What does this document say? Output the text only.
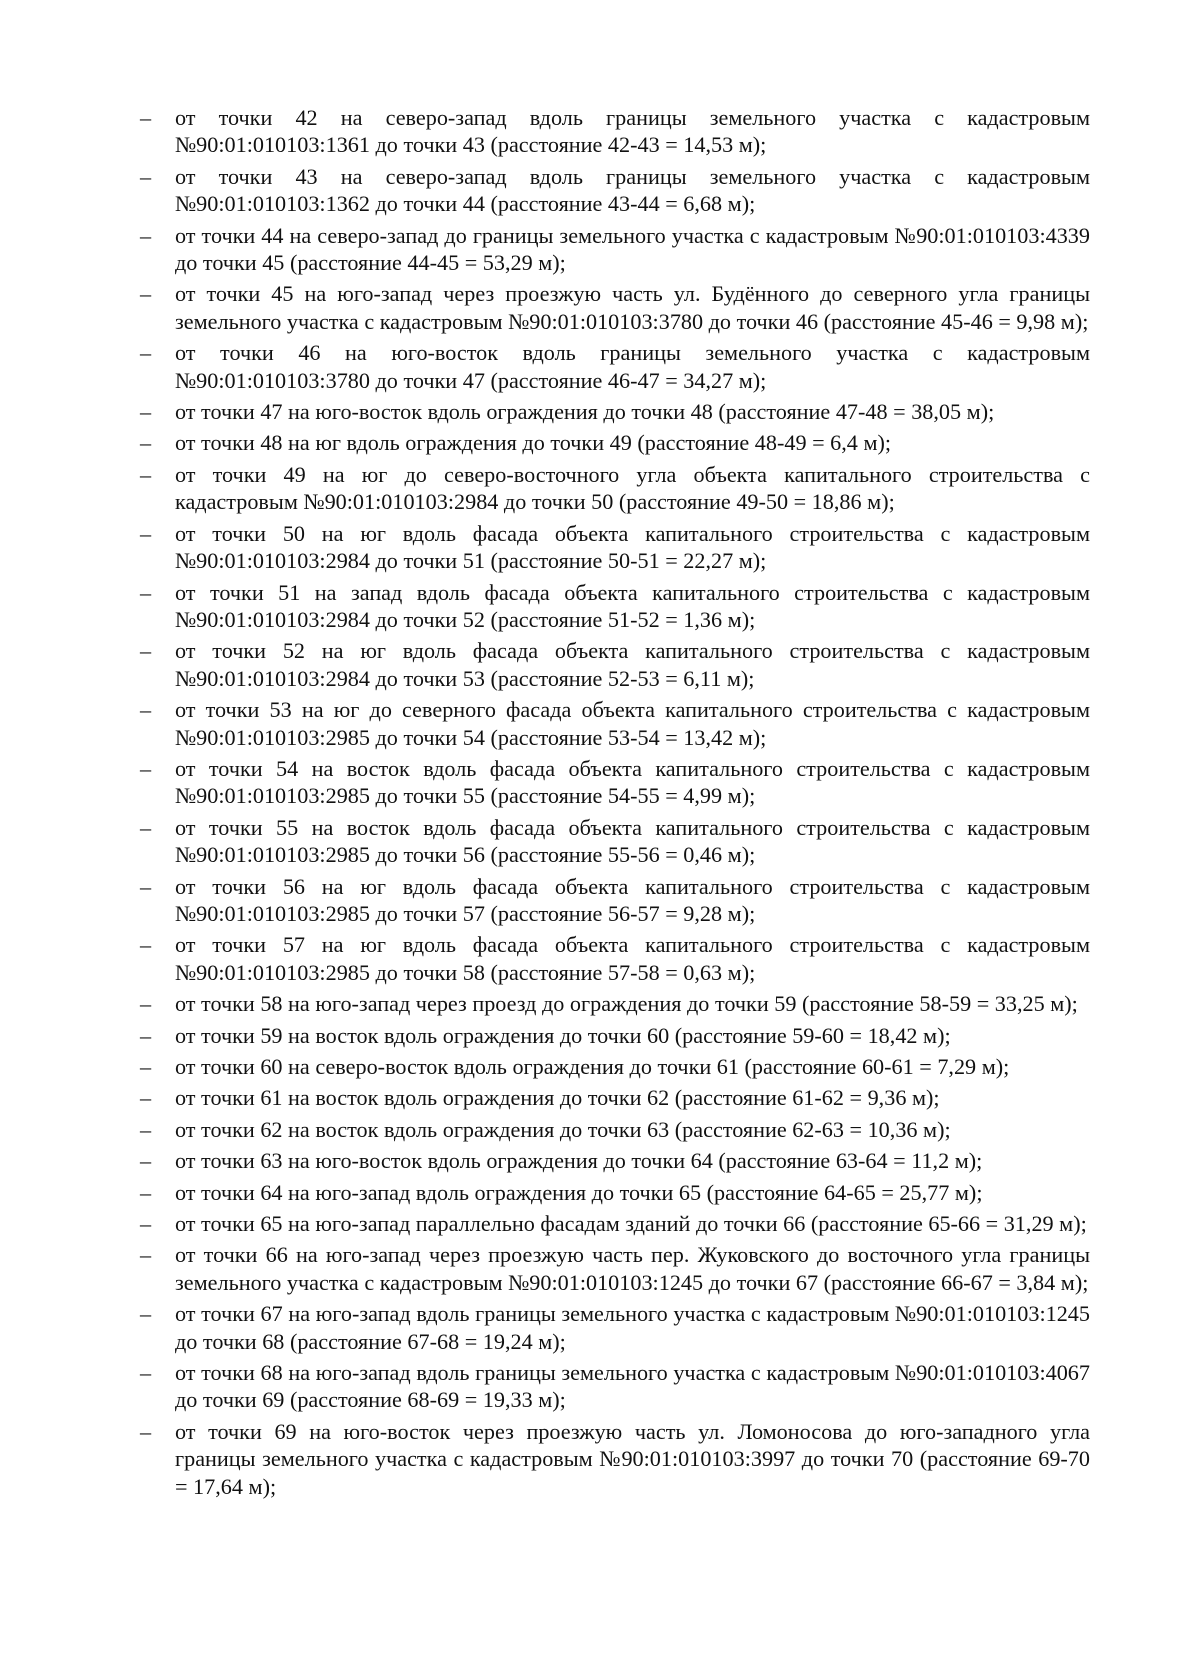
–	от точки 42 на северо-запад вдоль границы земельного участка с кадастровым №90:01:010103:1361 до точки 43 (расстояние 42-43 = 14,53 м);
–	от точки 43 на северо-запад вдоль границы земельного участка с кадастровым №90:01:010103:1362 до точки 44 (расстояние 43-44 = 6,68 м);
–	от точки 44 на северо-запад до границы земельного участка с кадастровым №90:01:010103:4339 до точки 45 (расстояние 44-45 = 53,29 м);
–	от точки 45 на юго-запад через проезжую часть ул. Будённого до северного угла границы земельного участка с кадастровым №90:01:010103:3780 до точки 46 (расстояние 45-46 = 9,98 м);
–	от точки 46 на юго-восток вдоль границы земельного участка с кадастровым №90:01:010103:3780 до точки 47 (расстояние 46-47 = 34,27 м);
–	от точки 47 на юго-восток вдоль ограждения до точки 48 (расстояние 47-48 = 38,05 м);
–	от точки 48 на юг вдоль ограждения до точки 49 (расстояние 48-49 = 6,4 м);
–	от точки 49 на юг до северо-восточного угла объекта капитального строительства с кадастровым №90:01:010103:2984 до точки 50 (расстояние 49-50 = 18,86 м);
–	от точки 50 на юг вдоль фасада объекта капитального строительства с кадастровым №90:01:010103:2984 до точки 51 (расстояние 50-51 = 22,27 м);
–	от точки 51 на запад вдоль фасада объекта капитального строительства с кадастровым №90:01:010103:2984 до точки 52 (расстояние 51-52 = 1,36 м);
–	от точки 52 на юг вдоль фасада объекта капитального строительства с кадастровым №90:01:010103:2984 до точки 53 (расстояние 52-53 = 6,11 м);
–	от точки 53 на юг до северного фасада объекта капитального строительства с кадастровым №90:01:010103:2985 до точки 54 (расстояние 53-54 = 13,42 м);
–	от точки 54 на восток вдоль фасада объекта капитального строительства с кадастровым №90:01:010103:2985 до точки 55 (расстояние 54-55 = 4,99 м);
–	от точки 55 на восток вдоль фасада объекта капитального строительства с кадастровым №90:01:010103:2985 до точки 56 (расстояние 55-56 = 0,46 м);
–	от точки 56 на юг вдоль фасада объекта капитального строительства с кадастровым №90:01:010103:2985 до точки 57 (расстояние 56-57 = 9,28 м);
–	от точки 57 на юг вдоль фасада объекта капитального строительства с кадастровым №90:01:010103:2985 до точки 58 (расстояние 57-58 = 0,63 м);
–	от точки 58 на юго-запад через проезд до ограждения до точки 59 (расстояние 58-59 = 33,25 м);
–	от точки 59 на восток вдоль ограждения до точки 60 (расстояние 59-60 = 18,42 м);
–	от точки 60 на северо-восток вдоль ограждения до точки 61 (расстояние 60-61 = 7,29 м);
–	от точки 61 на восток вдоль ограждения до точки 62 (расстояние 61-62 = 9,36 м);
–	от точки 62 на восток вдоль ограждения до точки 63 (расстояние 62-63 = 10,36 м);
–	от точки 63 на юго-восток вдоль ограждения до точки 64 (расстояние 63-64 = 11,2 м);
–	от точки 64 на юго-запад вдоль ограждения до точки 65 (расстояние 64-65 = 25,77 м);
–	от точки 65 на юго-запад параллельно фасадам зданий до точки 66 (расстояние 65-66 = 31,29 м);
–	от точки 66 на юго-запад через проезжую часть пер. Жуковского до восточного угла границы земельного участка с кадастровым №90:01:010103:1245 до точки 67 (расстояние 66-67 = 3,84 м);
–	от точки 67 на юго-запад вдоль границы земельного участка с кадастровым №90:01:010103:1245 до точки 68 (расстояние 67-68 = 19,24 м);
–	от точки 68 на юго-запад вдоль границы земельного участка с кадастровым №90:01:010103:4067 до точки 69 (расстояние 68-69 = 19,33 м);
–	от точки 69 на юго-восток через проезжую часть ул. Ломоносова до юго-западного угла границы земельного участка с кадастровым №90:01:010103:3997 до точки 70 (расстояние 69-70 = 17,64 м);
